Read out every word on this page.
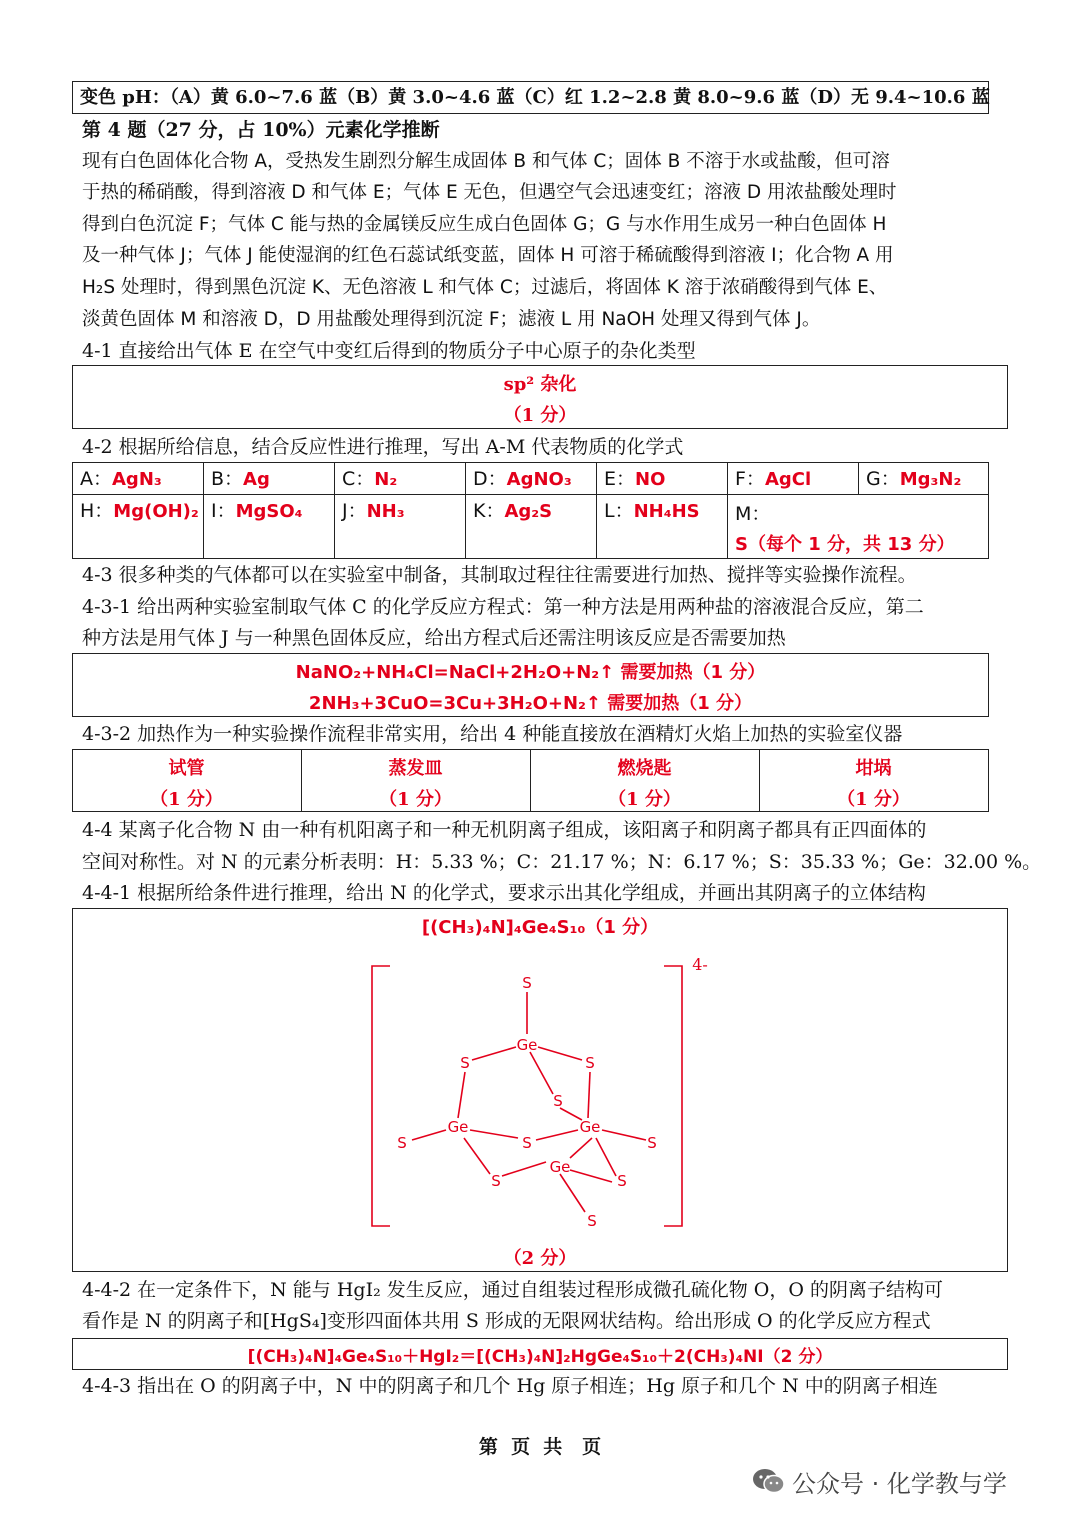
变色 pH：（A）黄 6.0~7.6 蓝（B）黄 3.0~4.6 蓝（C）红 1.2~2.8 黄 8.0~9.6 蓝（D）无 9.4~10.6 蓝
第 4 题（27 分，占 10%）元素化学推断
现有白色固体化合物 A，受热发生剧烈分解生成固体 B 和气体 C；固体 B 不溶于水或盐酸，但可溶
于热的稀硝酸，得到溶液 D 和气体 E；气体 E 无色，但遇空气会迅速变红；溶液 D 用浓盐酸处理时
得到白色沉淀 F；气体 C 能与热的金属镁反应生成白色固体 G；G 与水作用生成另一种白色固体 H
及一种气体 J；气体 J 能使湿润的红色石蕊试纸变蓝，固体 H 可溶于稀硫酸得到溶液 I；化合物 A 用
H₂S 处理时，得到黑色沉淀 K、无色溶液 L 和气体 C；过滤后，将固体 K 溶于浓硝酸得到气体 E、
淡黄色固体 M 和溶液 D，D 用盐酸处理得到沉淀 F；滤液 L 用 NaOH 处理又得到气体 J。
4-1 直接给出气体 E 在空气中变红后得到的物质分子中心原子的杂化类型
sp² 杂化
（1 分）
4-2 根据所给信息，结合反应性进行推理，写出 A-M 代表物质的化学式
A：AgN₃	B：Ag	C：N₂	D：AgNO₃ E：NO	F：AgCl	G：Mg₃N₂
H：Mg(OH)₂ I：MgSO₄ J：NH₃	K：Ag₂S	L：NH₄HS M：S（每个 1 分，共 13 分）
4-3 很多种类的气体都可以在实验室中制备，其制取过程往往需要进行加热、搅拌等实验操作流程。
4-3-1 给出两种实验室制取气体 C 的化学反应方程式：第一种方法是用两种盐的溶液混合反应，第二
种方法是用气体 J 与一种黑色固体反应，给出方程式后还需注明该反应是否需要加热
NaNO₂+NH₄Cl=NaCl+2H₂O+N₂↑ 需要加热（1 分）
2NH₃+3CuO=3Cu+3H₂O+N₂↑ 需要加热（1 分）
4-3-2 加热作为一种实验操作流程非常实用，给出 4 种能直接放在酒精灯火焰上加热的实验室仪器
试管
（1 分）
蒸发皿
（1 分）
燃烧匙
（1 分）
坩埚
（1 分）
4-4 某离子化合物 N 由一种有机阳离子和一种无机阴离子组成，该阳离子和阴离子都具有正四面体的
空间对称性。对 N 的元素分析表明：H：5.33 %；C：21.17 %；N：6.17 %；S：35.33 %；Ge：32.00 %。
4-4-1 根据所给条件进行推理，给出 N 的化学式，要求示出其化学组成，并画出其阴离子的立体结构
[(CH₃)₄N]₄Ge₄S₁₀（1 分）
S
Ge
S	S
S
Ge	Ge
S	S	S
Ge
S	S
S
4-
（2 分）
4-4-2 在一定条件下，N 能与 HgI₂ 发生反应，通过自组装过程形成微孔硫化物 O，O 的阴离子结构可
看作是 N 的阴离子和[HgS₄]变形四面体共用 S 形成的无限网状结构。给出形成 O 的化学反应方程式
[(CH₃)₄N]₄Ge₄S₁₀＋HgI₂＝[(CH₃)₄N]₂HgGe₄S₁₀＋2(CH₃)₄NI（2 分）
4-4-3 指出在 O 的阴离子中，N 中的阴离子和几个 Hg 原子相连；Hg 原子和几个 N 中的阴离子相连
第  页  共   页
公众号 · 化学教与学
